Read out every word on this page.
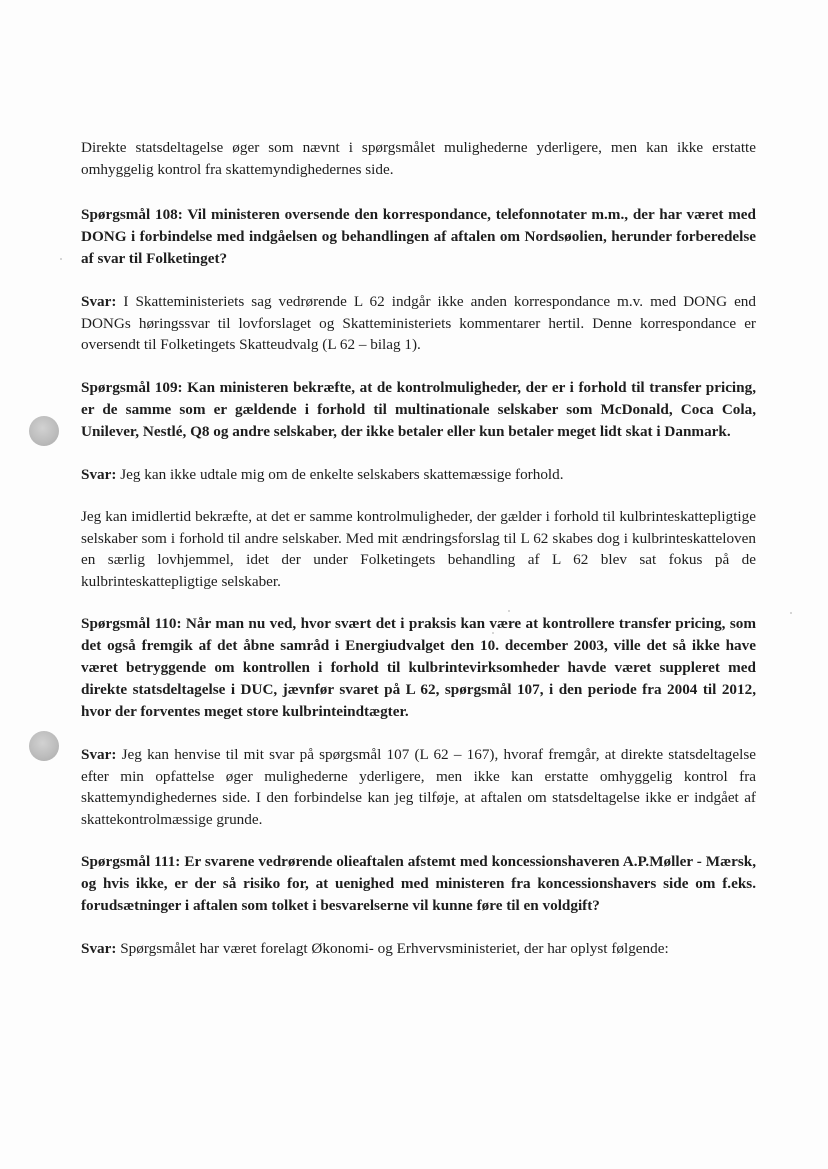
Direkte statsdeltagelse øger som nævnt i spørgsmålet mulighederne yderligere, men kan ikke erstatte omhyggelig kontrol fra skattemyndighedernes side.

Spørgsmål 108: Vil ministeren oversende den korrespondance, telefonnotater m.m., der har været med DONG i forbindelse med indgåelsen og behandlingen af aftalen om Nordsøolien, herunder forberedelse af svar til Folketinget?

Svar: I Skatteministeriets sag vedrørende L 62 indgår ikke anden korrespondance m.v. med DONG end DONGs høringssvar til lovforslaget og Skatteministeriets kommentarer hertil. Denne korrespondance er oversendt til Folketingets Skatteudvalg (L 62 – bilag 1).

Spørgsmål 109: Kan ministeren bekræfte, at de kontrolmuligheder, der er i forhold til transfer pricing, er de samme som er gældende i forhold til multinationale selskaber som McDonald, Coca Cola, Unilever, Nestlé, Q8 og andre selskaber, der ikke betaler eller kun betaler meget lidt skat i Danmark.

Svar: Jeg kan ikke udtale mig om de enkelte selskabers skattemæssige forhold.

Jeg kan imidlertid bekræfte, at det er samme kontrolmuligheder, der gælder i forhold til kulbrinteskattepligtige selskaber som i forhold til andre selskaber. Med mit ændringsforslag til L 62 skabes dog i kulbrinteskatteloven en særlig lovhjemmel, idet der under Folketingets behandling af L 62 blev sat fokus på de kulbrinteskattepligtige selskaber.

Spørgsmål 110: Når man nu ved, hvor svært det i praksis kan være at kontrollere transfer pricing, som det også fremgik af det åbne samråd i Energiudvalget den 10. december 2003, ville det så ikke have været betryggende om kontrollen i forhold til kulbrintevirksomheder havde været suppleret med direkte statsdeltagelse i DUC, jævnfør svaret på L 62, spørgsmål 107, i den periode fra 2004 til 2012, hvor der forventes meget store kulbrinteindtægter.

Svar: Jeg kan henvise til mit svar på spørgsmål 107 (L 62 – 167), hvoraf fremgår, at direkte statsdeltagelse efter min opfattelse øger mulighederne yderligere, men ikke kan erstatte omhyggelig kontrol fra skattemyndighedernes side. I den forbindelse kan jeg tilføje, at aftalen om statsdeltagelse ikke er indgået af skattekontrolmæssige grunde.

Spørgsmål 111: Er svarene vedrørende olieaftalen afstemt med koncessionshaveren A.P.Møller - Mærsk, og hvis ikke, er der så risiko for, at uenighed med ministeren fra koncessionshavers side om f.eks. forudsætninger i aftalen som tolket i besvarelserne vil kunne føre til en voldgift?

Svar: Spørgsmålet har været forelagt Økonomi- og Erhvervsministeriet, der har oplyst følgende:
